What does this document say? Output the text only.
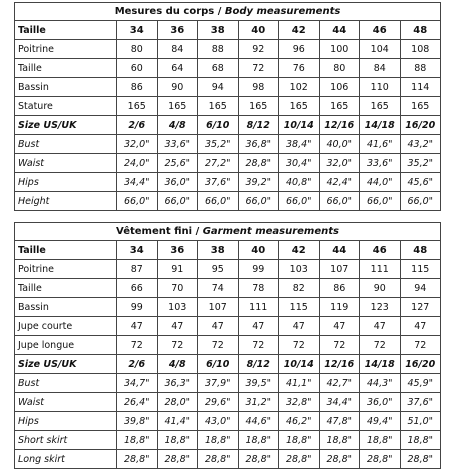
Mesures du corps / Body measurements								
Taille	34	36	38	40	42	44	46	48
Poitrine	80	84	88	92	96	100	104	108
Taille	60	64	68	72	76	80	84	88
Bassin	86	90	94	98	102	106	110	114
Stature	165	165	165	165	165	165	165	165
Size US/UK	2/6	4/8	6/10	8/12	10/14	12/16	14/18	16/20
Bust	32,0"	33,6"	35,2"	36,8"	38,4"	40,0"	41,6"	43,2"
Waist	24,0"	25,6"	27,2"	28,8"	30,4"	32,0"	33,6"	35,2"
Hips	34,4"	36,0"	37,6"	39,2"	40,8"	42,4"	44,0"	45,6"
Height	66,0"	66,0"	66,0"	66,0"	66,0"	66,0"	66,0"	66,0"
Vêtement fini / Garment measurements								
Taille	34	36	38	40	42	44	46	48
Poitrine	87	91	95	99	103	107	111	115
Taille	66	70	74	78	82	86	90	94
Bassin	99	103	107	111	115	119	123	127
Jupe courte	47	47	47	47	47	47	47	47
Jupe longue	72	72	72	72	72	72	72	72
Size US/UK	2/6	4/8	6/10	8/12	10/14	12/16	14/18	16/20
Bust	34,7"	36,3"	37,9"	39,5"	41,1"	42,7"	44,3"	45,9"
Waist	26,4"	28,0"	29,6"	31,2"	32,8"	34,4"	36,0"	37,6"
Hips	39,8"	41,4"	43,0"	44,6"	46,2"	47,8"	49,4"	51,0"
Short skirt	18,8"	18,8"	18,8"	18,8"	18,8"	18,8"	18,8"	18,8"
Long skirt	28,8"	28,8"	28,8"	28,8"	28,8"	28,8"	28,8"	28,8"
